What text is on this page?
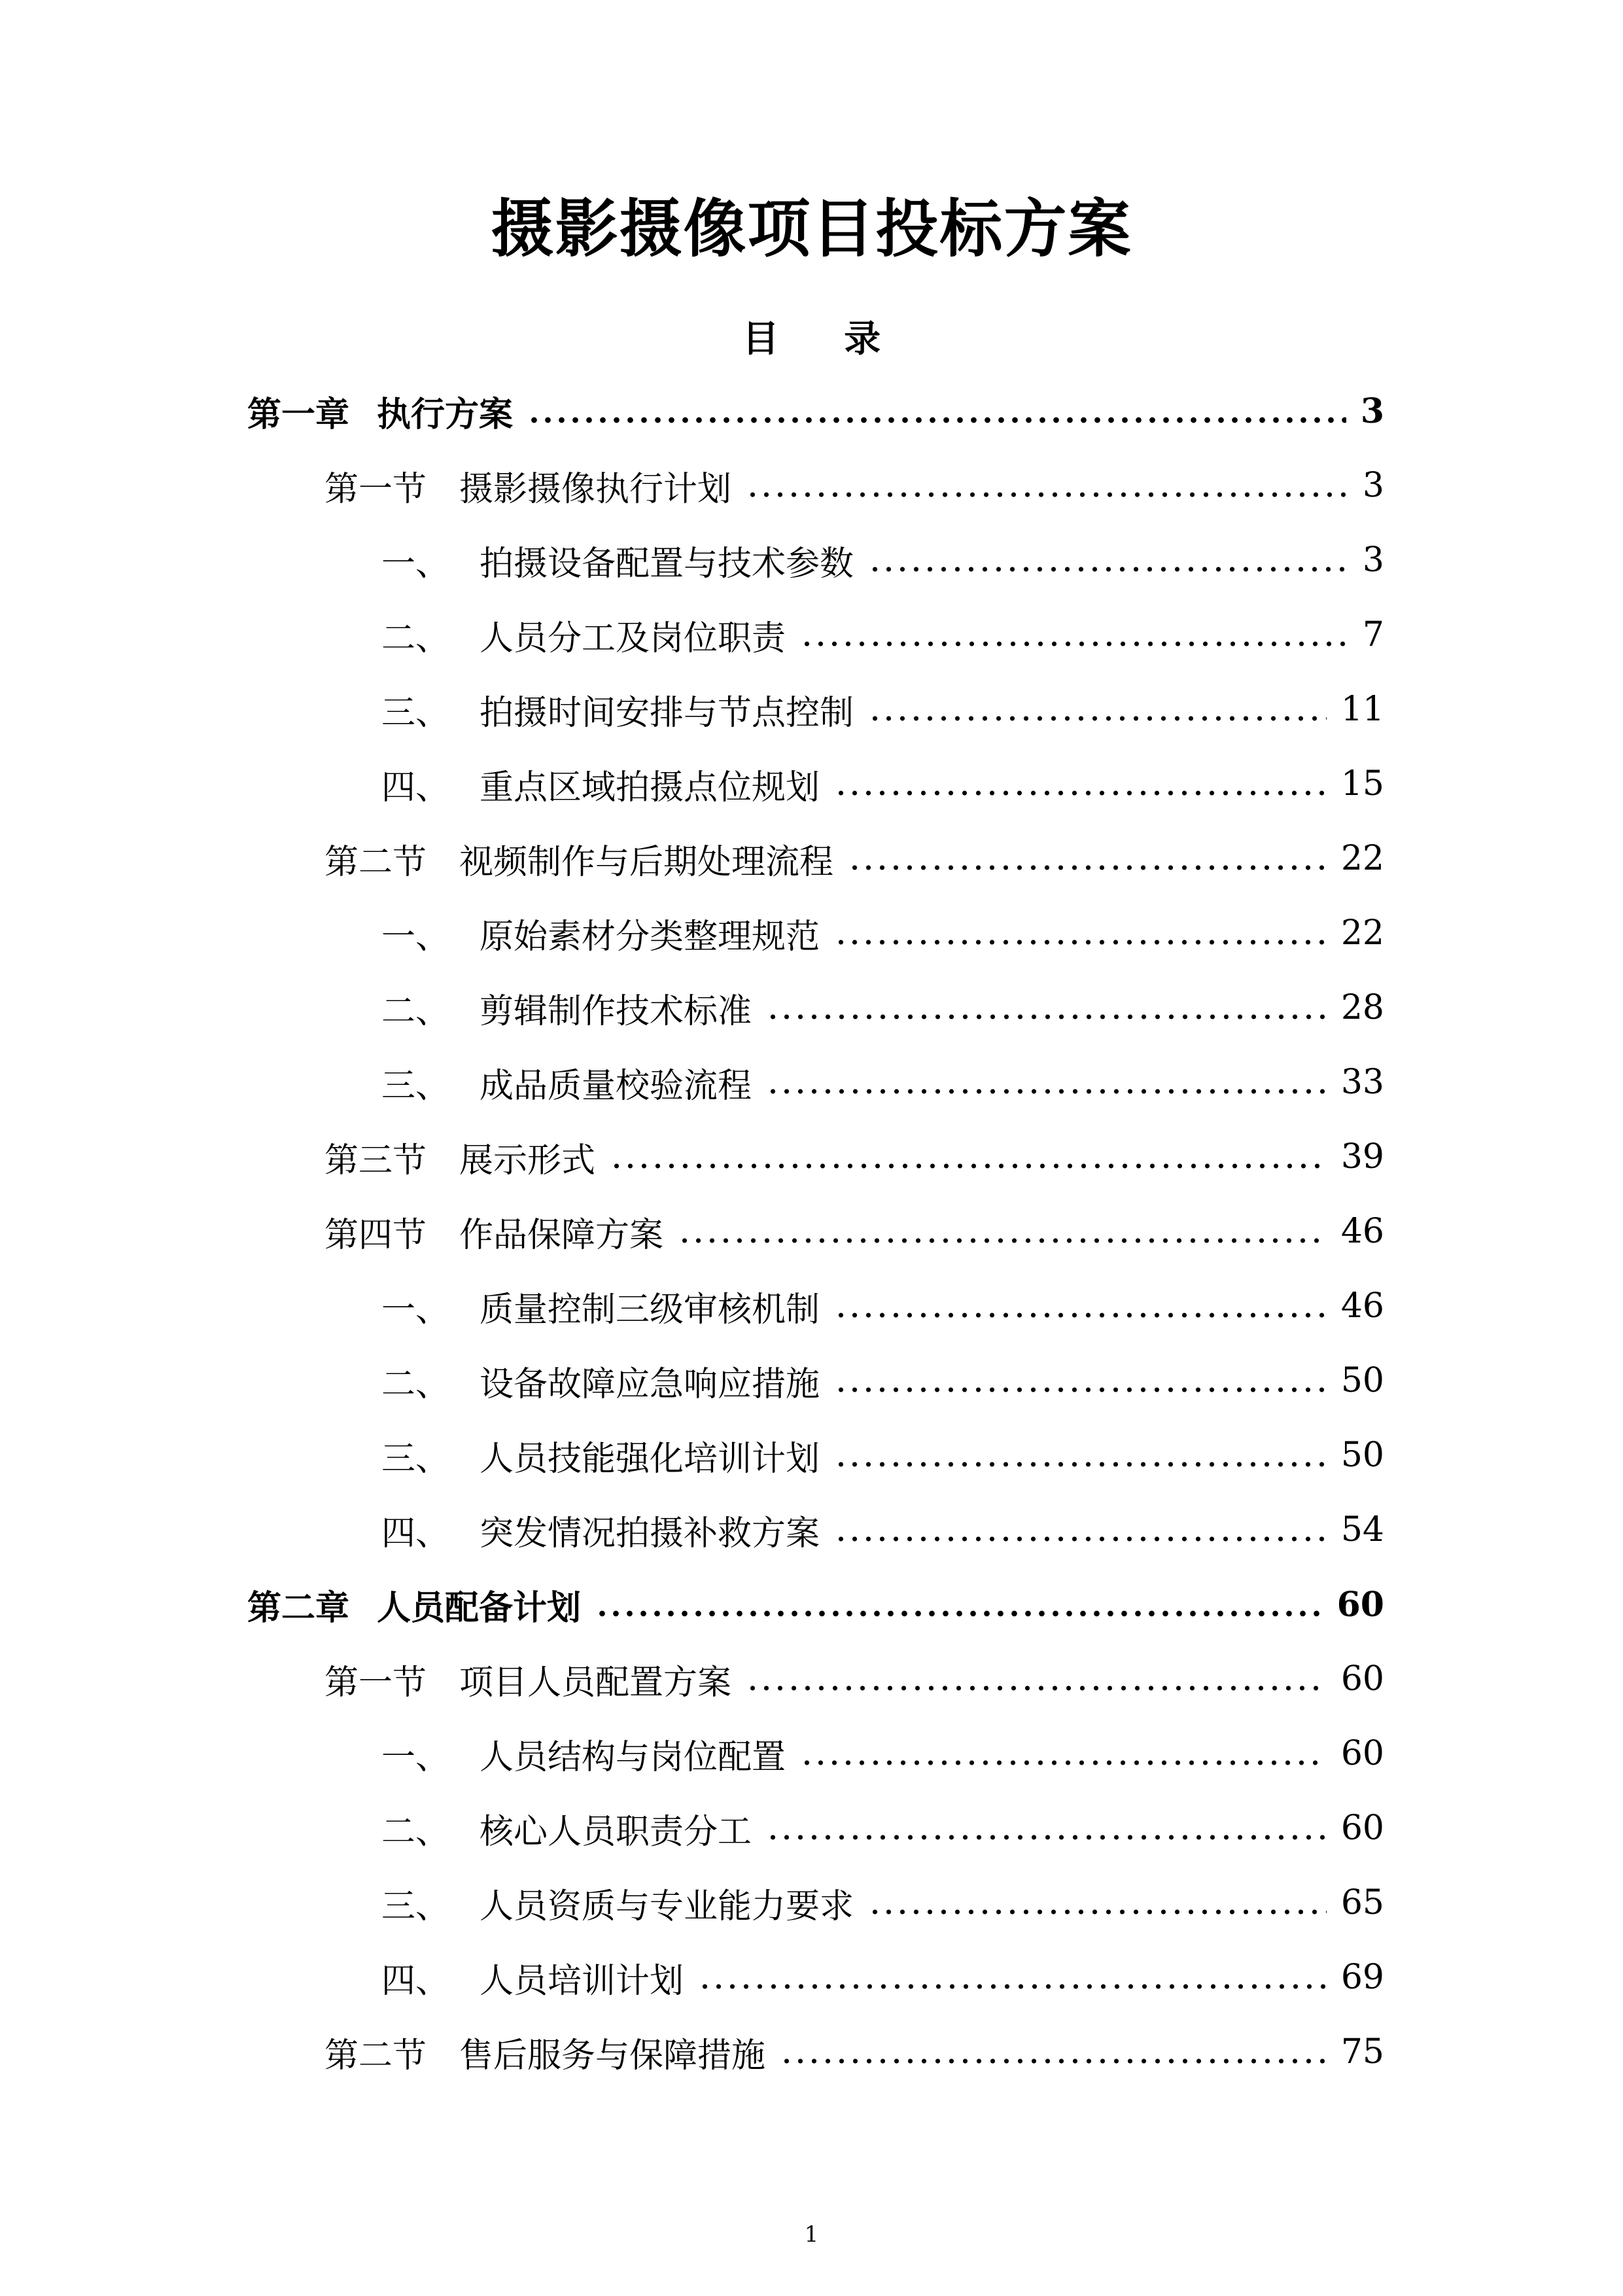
摄影摄像项目投标方案
目 录
第一章 执行方案	3
第一节 摄影摄像执行计划	3
一、 拍摄设备配置与技术参数	3
二、 人员分工及岗位职责	7
三、 拍摄时间安排与节点控制	11
四、 重点区域拍摄点位规划	15
第二节 视频制作与后期处理流程	22
一、 原始素材分类整理规范	22
二、 剪辑制作技术标准	28
三、 成品质量校验流程	33
第三节 展示形式	39
第四节 作品保障方案	46
一、 质量控制三级审核机制	46
二、 设备故障应急响应措施	50
三、 人员技能强化培训计划	50
四、 突发情况拍摄补救方案	54
第二章 人员配备计划	60
第一节 项目人员配置方案	60
一、 人员结构与岗位配置	60
二、 核心人员职责分工	60
三、 人员资质与专业能力要求	65
四、 人员培训计划	69
第二节 售后服务与保障措施	75
1
